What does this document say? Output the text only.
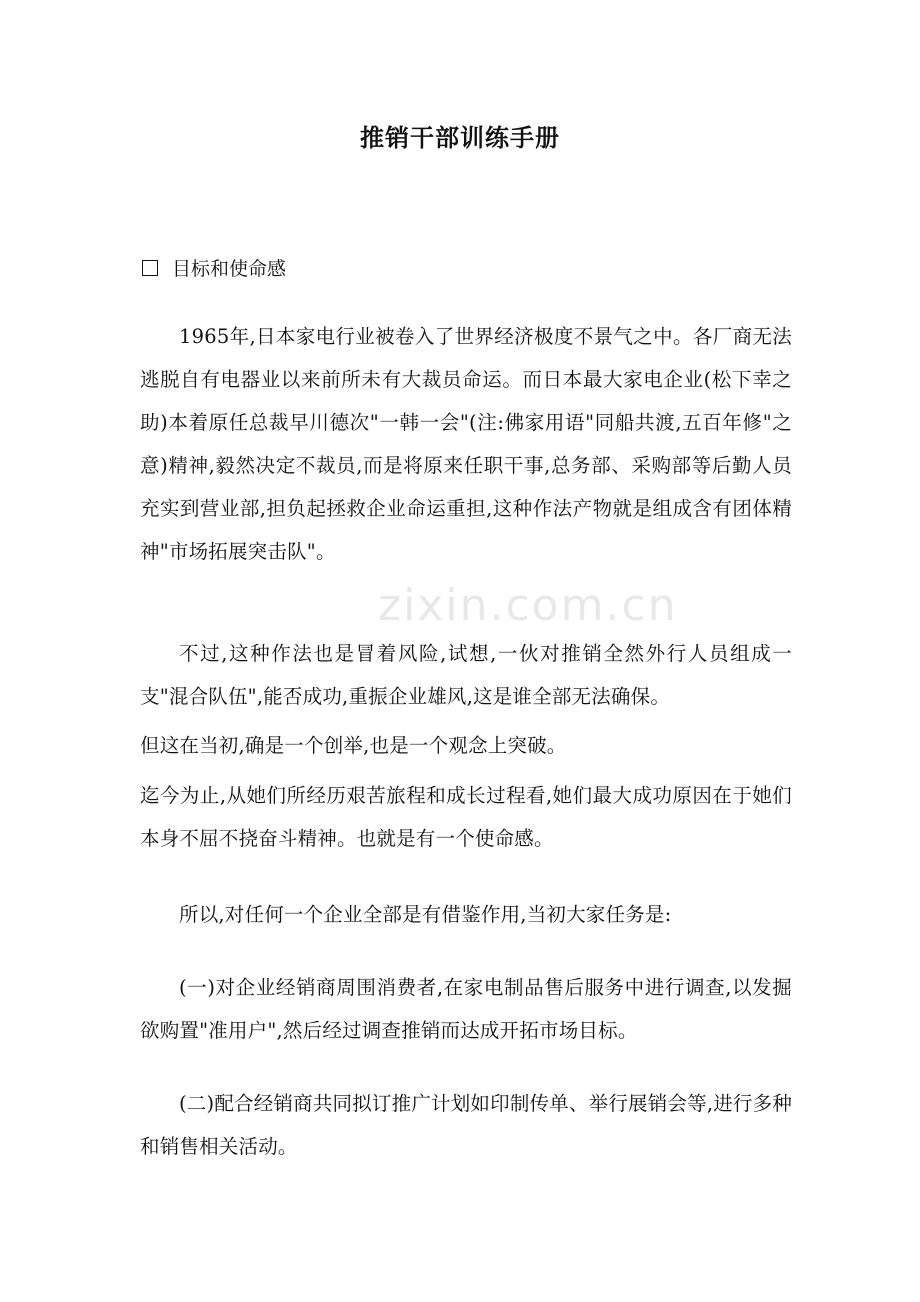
推销干部训练手册
目标和使命感

1965年,日本家电行业被卷入了世界经济极度不景气之中。各厂商无法逃脱自有电器业以来前所未有大裁员命运。而日本最大家电企业(松下幸之助)本着原任总裁早川德次"一韩一会"(注:佛家用语"同船共渡,五百年修"之意)精神,毅然决定不裁员,而是将原来任职干事,总务部、采购部等后勤人员充实到营业部,担负起拯救企业命运重担,这种作法产物就是组成含有团体精神"市场拓展突击队"。

不过,这种作法也是冒着风险,试想,一伙对推销全然外行人员组成一支"混合队伍",能否成功,重振企业雄风,这是谁全部无法确保。

但这在当初,确是一个创举,也是一个观念上突破。

迄今为止,从她们所经历艰苦旅程和成长过程看,她们最大成功原因在于她们本身不屈不挠奋斗精神。也就是有一个使命感。

所以,对任何一个企业全部是有借鉴作用,当初大家任务是:

(一)对企业经销商周围消费者,在家电制品售后服务中进行调查,以发掘欲购置"准用户",然后经过调查推销而达成开拓市场目标。

(二)配合经销商共同拟订推广计划如印制传单、举行展销会等,进行多种和销售相关活动。

zixin.com.cn
